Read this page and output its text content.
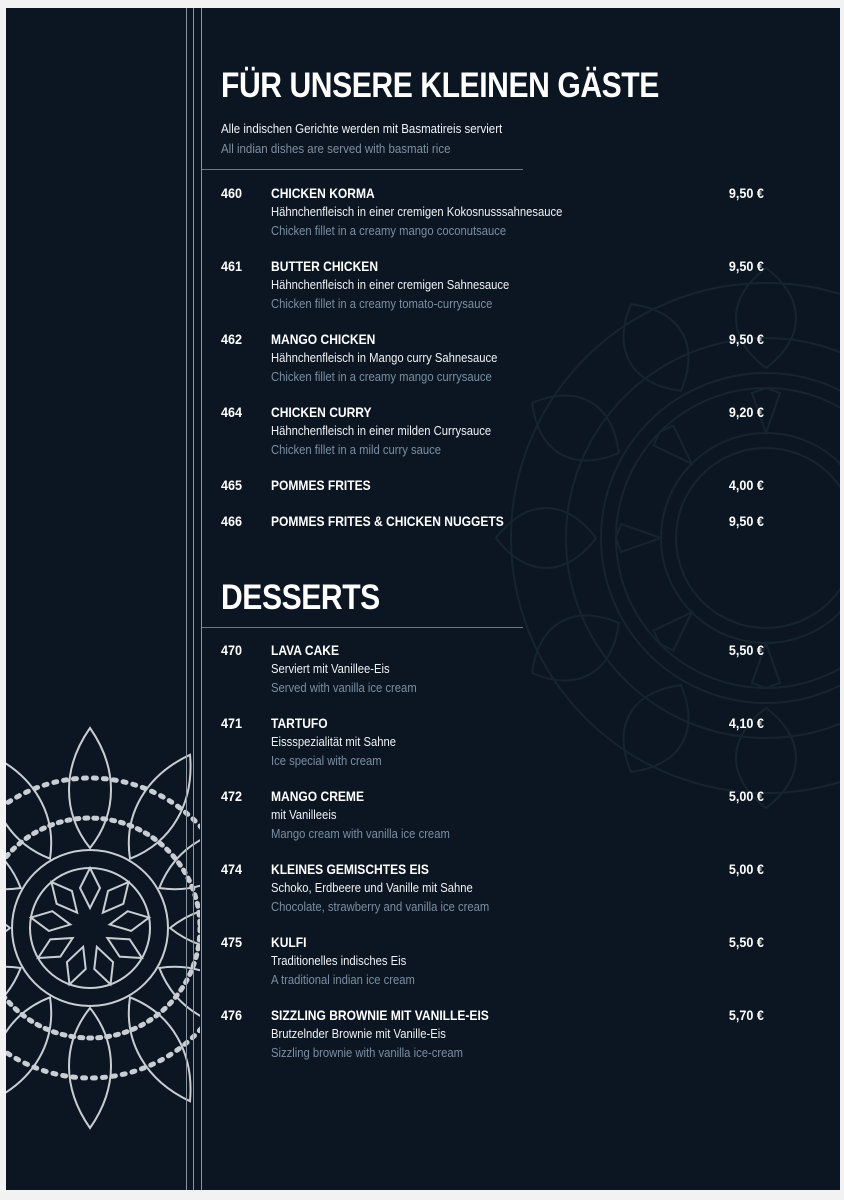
FÜR UNSERE KLEINEN GÄSTE
Alle indischen Gerichte werden mit Basmatireis serviert
All indian dishes are served with basmati rice
460 CHICKEN KORMA
Hähnchenfleisch in einer cremigen Kokosnusssahnesauce
Chicken fillet in a creamy mango coconutsauce
9,50 €
461 BUTTER CHICKEN
Hähnchenfleisch in einer cremigen Sahnesauce
Chicken fillet in a creamy tomato-currysauce
9,50 €
462 MANGO CHICKEN
Hähnchenfleisch in Mango curry Sahnesauce
Chicken fillet in a creamy mango currysauce
9,50 €
464 CHICKEN CURRY
Hähnchenfleisch in einer milden Currysauce
Chicken fillet in a mild curry sauce
9,20 €
465 POMMES FRITES	4,00 €
466 POMMES FRITES & CHICKEN NUGGETS	9,50 €
DESSERTS
470 LAVA CAKE
Serviert mit Vanillee-Eis
Served with vanilla ice cream
5,50 €
471 TARTUFO
Eissspezialität mit Sahne
Ice special with cream
4,10 €
472 MANGO CREME
mit Vanilleeis
Mango cream with vanilla ice cream
5,00 €
474 KLEINES GEMISCHTES EIS
Schoko, Erdbeere und Vanille mit Sahne
Chocolate, strawberry and vanilla ice cream
5,00 €
475 KULFI
Traditionelles indisches Eis
A traditional indian ice cream
5,50 €
476 SIZZLING BROWNIE MIT VANILLE-EIS
Brutzelnder Brownie mit Vanille-Eis
Sizzling brownie with vanilla ice-cream
5,70 €
